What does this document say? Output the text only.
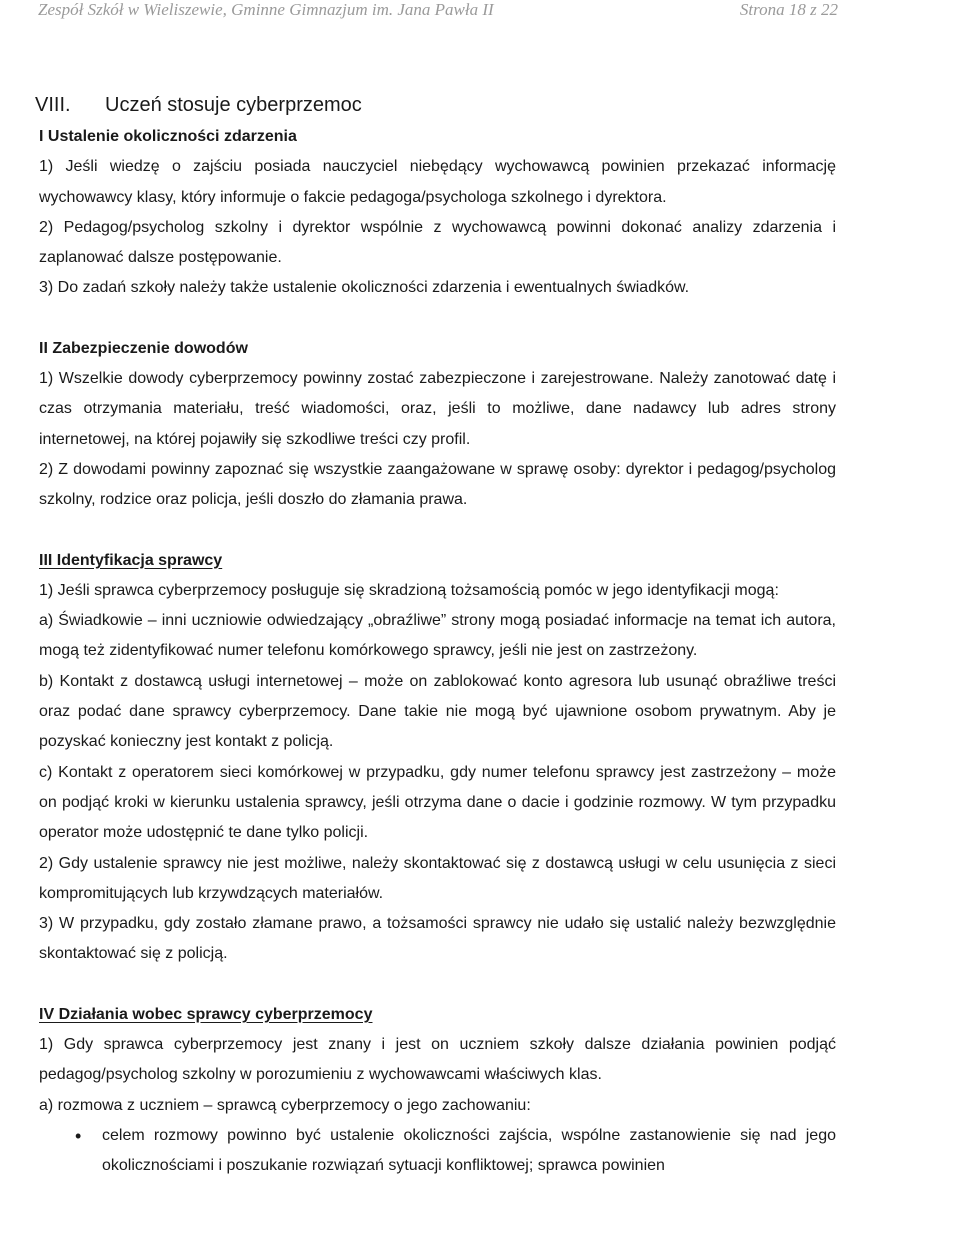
Zespół Szkół w Wieliszewie, Gminne Gimnazjum im. Jana Pawła II	Strona 18 z 22
VIII.	Uczeń stosuje cyberprzemoc
I Ustalenie okoliczności zdarzenia

1) Jeśli wiedzę o zajściu posiada nauczyciel niebędący wychowawcą powinien przekazać informację wychowawcy klasy, który informuje o fakcie pedagoga/psychologa szkolnego i dyrektora.

2) Pedagog/psycholog szkolny i dyrektor wspólnie z wychowawcą powinni dokonać analizy zdarzenia i zaplanować dalsze postępowanie.

3) Do zadań szkoły należy także ustalenie okoliczności zdarzenia i ewentualnych świadków.

II Zabezpieczenie dowodów

1) Wszelkie dowody cyberprzemocy powinny zostać zabezpieczone i zarejestrowane. Należy zanotować datę i czas otrzymania materiału, treść wiadomości, oraz, jeśli to możliwe, dane nadawcy lub adres strony internetowej, na której pojawiły się szkodliwe treści czy profil.

2) Z dowodami powinny zapoznać się wszystkie zaangażowane w sprawę osoby: dyrektor i pedagog/psycholog szkolny, rodzice oraz policja, jeśli doszło do złamania prawa.

III Identyfikacja sprawcy

1) Jeśli sprawca cyberprzemocy posługuje się skradzioną tożsamością pomóc w jego identyfikacji mogą:

a) Świadkowie – inni uczniowie odwiedzający „obraźliwe” strony mogą posiadać informacje na temat ich autora, mogą też zidentyfikować numer telefonu komórkowego sprawcy, jeśli nie jest on zastrzeżony.

b) Kontakt z dostawcą usługi internetowej – może on zablokować konto agresora lub usunąć obraźliwe treści oraz podać dane sprawcy cyberprzemocy. Dane takie nie mogą być ujawnione osobom prywatnym. Aby je pozyskać konieczny jest kontakt z policją.

c) Kontakt z operatorem sieci komórkowej w przypadku, gdy numer telefonu sprawcy jest zastrzeżony – może on podjąć kroki w kierunku ustalenia sprawcy, jeśli otrzyma dane o dacie i godzinie rozmowy. W tym przypadku operator może udostępnić te dane tylko policji.

2) Gdy ustalenie sprawcy nie jest możliwe, należy skontaktować się z dostawcą usługi w celu usunięcia z sieci kompromitujących lub krzywdzących materiałów.

3) W przypadku, gdy zostało złamane prawo, a tożsamości sprawcy nie udało się ustalić należy bezwzględnie skontaktować się z policją.

IV Działania wobec sprawcy cyberprzemocy

1) Gdy sprawca cyberprzemocy jest znany i jest on uczniem szkoły dalsze działania powinien podjąć pedagog/psycholog szkolny w porozumieniu z wychowawcami właściwych klas.

a) rozmowa z uczniem – sprawcą cyberprzemocy o jego zachowaniu:

•	celem rozmowy powinno być ustalenie okoliczności zajścia, wspólne zastanowienie się nad jego okolicznościami i poszukanie rozwiązań sytuacji konfliktowej; sprawca powinien
